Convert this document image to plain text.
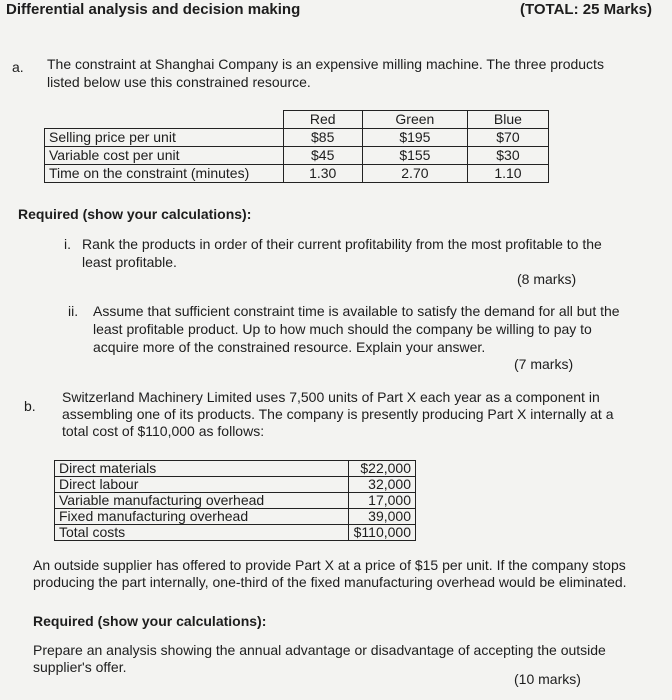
Differential analysis and decision making	(TOTAL: 25 Marks)
a. The constraint at Shanghai Company is an expensive milling machine. The three products
listed below use this constrained resource.
	Red	Green	Blue
Selling price per unit	$85	$195	$70
Variable cost per unit	$45	$155	$30
Time on the constraint (minutes)	1.30	2.70	1.10
Required (show your calculations):
i. Rank the products in order of their current profitability from the most profitable to the
least profitable.
(8 marks)
ii. Assume that sufficient constraint time is available to satisfy the demand for all but the
least profitable product. Up to how much should the company be willing to pay to
acquire more of the constrained resource. Explain your answer.
(7 marks)
b.
Switzerland Machinery Limited uses 7,500 units of Part X each year as a component in
assembling one of its products. The company is presently producing Part X internally at a
total cost of $110,000 as follows:
Direct materials	$22,000
Direct labour	32,000
Variable manufacturing overhead	17,000
Fixed manufacturing overhead	39,000
Total costs	$110,000
An outside supplier has offered to provide Part X at a price of $15 per unit. If the company stops
producing the part internally, one-third of the fixed manufacturing overhead would be eliminated.
Required (show your calculations):
Prepare an analysis showing the annual advantage or disadvantage of accepting the outside
supplier's offer.
(10 marks)
